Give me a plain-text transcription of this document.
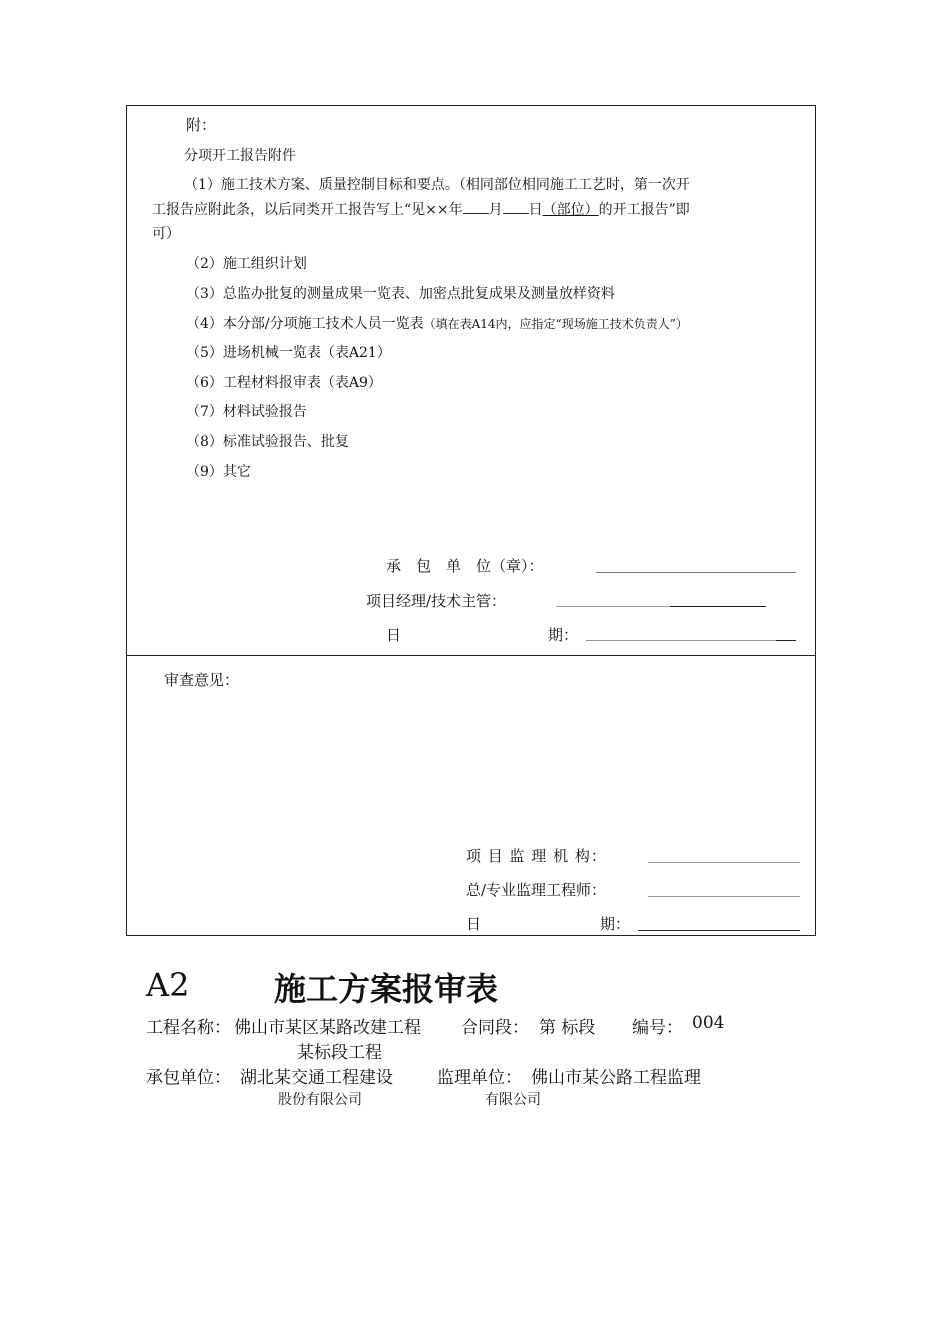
附：
分项开工报告附件
（1）施工技术方案、质量控制目标和要点。（相同部位相同施工工艺时，第一次开
工报告应附此条，以后同类开工报告写上“见××年 月 日（部位）的开工报告”即
可）
（2）施工组织计划
（3）总监办批复的测量成果一览表、加密点批复成果及测量放样资料
（4）本分部/分项施工技术人员一览表（填在表A14内，应指定“现场施工技术负责人”）
（5）进场机械一览表（表A21）
（6）工程材料报审表（表A9）
（7）材料试验报告
（8）标准试验报告、批复
（9）其它
承　包　单　位（章）：
项目经理/技术主管：
日	期：
审查意见：
项 目 监 理 机 构：
总/专业监理工程师：
日	期：
A2	施工方案报审表
工程名称： 佛山市某区某路改建工程
某标段工程
合同段： 第 标段 编号： 004
承包单位： 湖北某交通工程建设
股份有限公司
监理单位： 佛山市某公路工程监理
有限公司
